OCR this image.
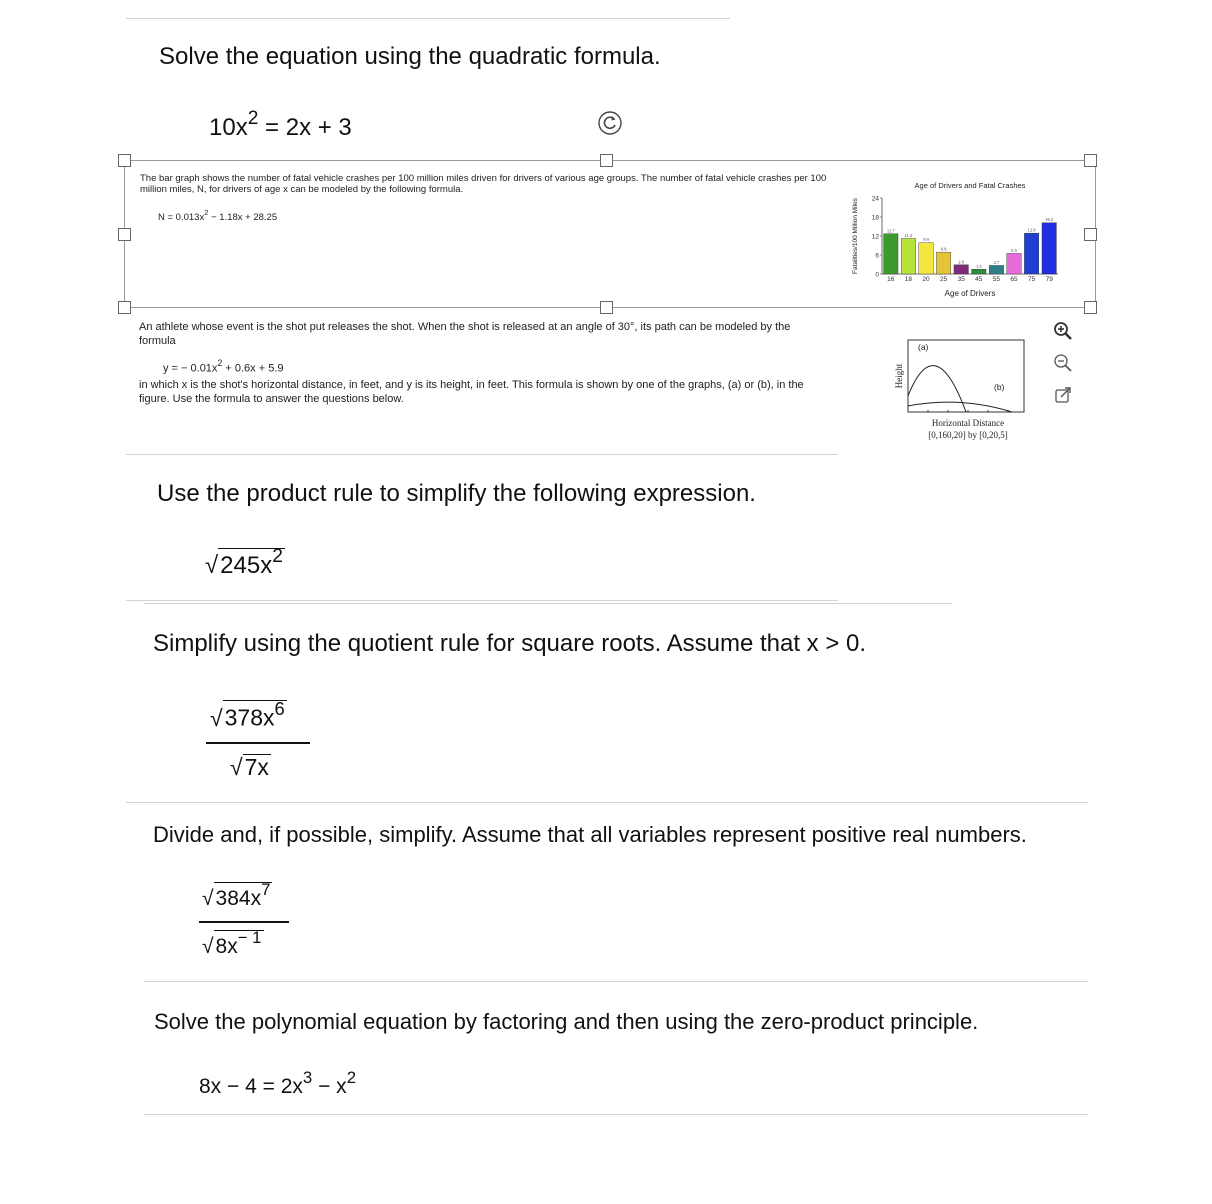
Solve the equation using the quadratic formula.
$10x^2 = 2x + 3$
The bar graph shows the number of fatal vehicle crashes per 100 million miles driven for drivers of various age groups. The number of fatal vehicle crashes per 100
million miles, N, for drivers of age x can be modeled by the following formula.
$N = 0.013x^2 - 1.18x + 28.25$
Age of Drivers and Fatal Crashes
Fatalities/100 Million Miles
Age of Drivers
0
6
12
18
24
12.7
16
11.2
18
9.9
20
6.9
25
2.9
35
1.5
45
2.7
55
6.5
65
12.9
75
16.2
79
An athlete whose event is the shot put releases the shot. When the shot is released at an angle of 30°, its path can be modeled by the
formula
y = − $0.01x^2 + 0.6x + 5.9$
in which x is the shot's horizontal distance, in feet, and y is its height, in feet. This formula is shown by one of the graphs, (a) or (b), in the
figure. Use the formula to answer the questions below.
Height
(a)
(b)
Horizontal Distance
[0,160,20] by [0,20,5]
Use the product rule to simplify the following expression.
$√245x^2$
Simplify using the quotient rule for square roots. Assume that x > 0.
$√378x^6$
√7x
Divide and, if possible, simplify. Assume that all variables represent positive real numbers.
$√384x^7$
$√8x^{- 1}$
Solve the polynomial equation by factoring and then using the zero-product principle.
$8x - 4 = 2x^3 - x^2$
